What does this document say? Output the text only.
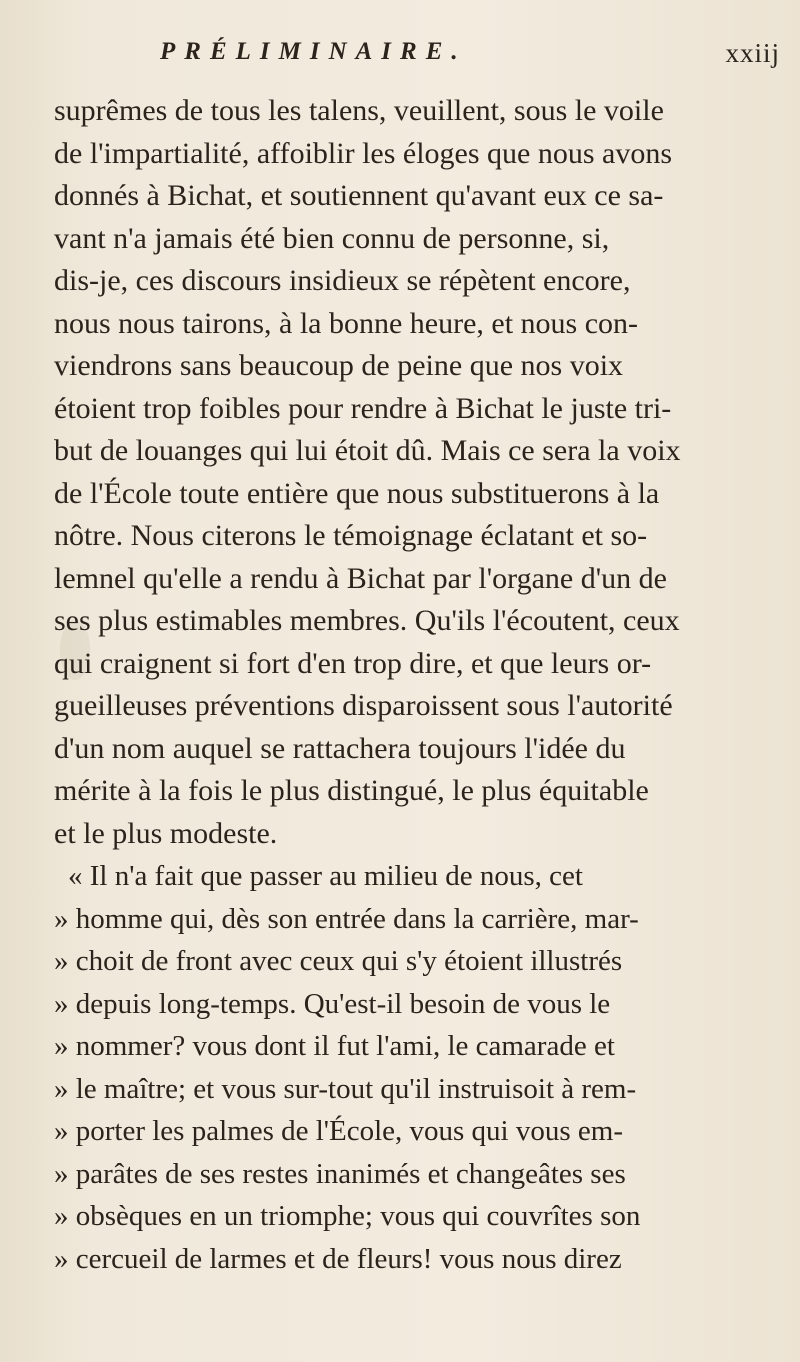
PRÉLIMINAIRE.	xxiij
suprêmes de tous les talens, veuillent, sous le voile
de l'impartialité, affoiblir les éloges que nous avons
donnés à Bichat, et soutiennent qu'avant eux ce sa-
vant n'a jamais été bien connu de personne, si,
dis-je, ces discours insidieux se répètent encore,
nous nous tairons, à la bonne heure, et nous con-
viendrons sans beaucoup de peine que nos voix
étoient trop foibles pour rendre à Bichat le juste tri-
but de louanges qui lui étoit dû. Mais ce sera la voix
de l'École toute entière que nous substituerons à la
nôtre. Nous citerons le témoignage éclatant et so-
lemnel qu'elle a rendu à Bichat par l'organe d'un de
ses plus estimables membres. Qu'ils l'écoutent, ceux
qui craignent si fort d'en trop dire, et que leurs or-
gueilleuses préventions disparoissent sous l'autorité
d'un nom auquel se rattachera toujours l'idée du
mérite à la fois le plus distingué, le plus équitable
et le plus modeste.
« Il n'a fait que passer au milieu de nous, cet
» homme qui, dès son entrée dans la carrière, mar-
» choit de front avec ceux qui s'y étoient illustrés
» depuis long-temps. Qu'est-il besoin de vous le
» nommer? vous dont il fut l'ami, le camarade et
» le maître; et vous sur-tout qu'il instruisoit à rem-
» porter les palmes de l'École, vous qui vous em-
» parâtes de ses restes inanimés et changeâtes ses
» obsèques en un triomphe; vous qui couvrîtes son
» cercueil de larmes et de fleurs! vous nous direz
